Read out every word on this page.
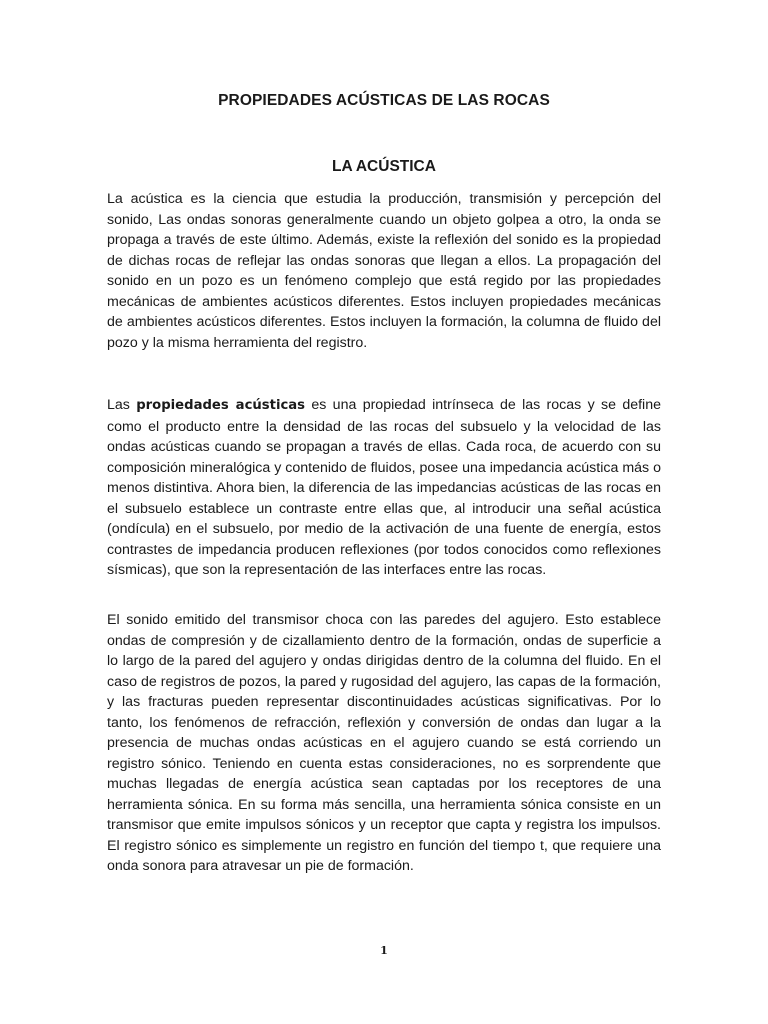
PROPIEDADES ACÚSTICAS DE LAS ROCAS
LA ACÚSTICA

La acústica es la ciencia que estudia la producción, transmisión y percepción del sonido, Las ondas sonoras generalmente cuando un objeto golpea a otro, la onda se propaga a través de este último. Además, existe la reflexión del sonido es la propiedad de dichas rocas de reflejar las ondas sonoras que llegan a ellos. La propagación del sonido en un pozo es un fenómeno complejo que está regido por las propiedades mecánicas de ambientes acústicos diferentes. Estos incluyen propiedades mecánicas de ambientes acústicos diferentes. Estos incluyen la formación, la columna de fluido del pozo y la misma herramienta del registro.

Las propiedades acústicas es una propiedad intrínseca de las rocas y se define como el producto entre la densidad de las rocas del subsuelo y la velocidad de las ondas acústicas cuando se propagan a través de ellas. Cada roca, de acuerdo con su composición mineralógica y contenido de fluidos, posee una impedancia acústica más o menos distintiva. Ahora bien, la diferencia de las impedancias acústicas de las rocas en el subsuelo establece un contraste entre ellas que, al introducir una señal acústica (ondícula) en el subsuelo, por medio de la activación de una fuente de energía, estos contrastes de impedancia producen reflexiones (por todos conocidos como reflexiones sísmicas), que son la representación de las interfaces entre las rocas.

El sonido emitido del transmisor choca con las paredes del agujero. Esto establece ondas de compresión y de cizallamiento dentro de la formación, ondas de superficie a lo largo de la pared del agujero y ondas dirigidas dentro de la columna del fluido. En el caso de registros de pozos, la pared y rugosidad del agujero, las capas de la formación, y las fracturas pueden representar discontinuidades acústicas significativas. Por lo tanto, los fenómenos de refracción, reflexión y conversión de ondas dan lugar a la presencia de muchas ondas acústicas en el agujero cuando se está corriendo un registro sónico. Teniendo en cuenta estas consideraciones, no es sorprendente que muchas llegadas de energía acústica sean captadas por los receptores de una herramienta sónica. En su forma más sencilla, una herramienta sónica consiste en un transmisor que emite impulsos sónicos y un receptor que capta y registra los impulsos. El registro sónico es simplemente un registro en función del tiempo t, que requiere una onda sonora para atravesar un pie de formación.

1
